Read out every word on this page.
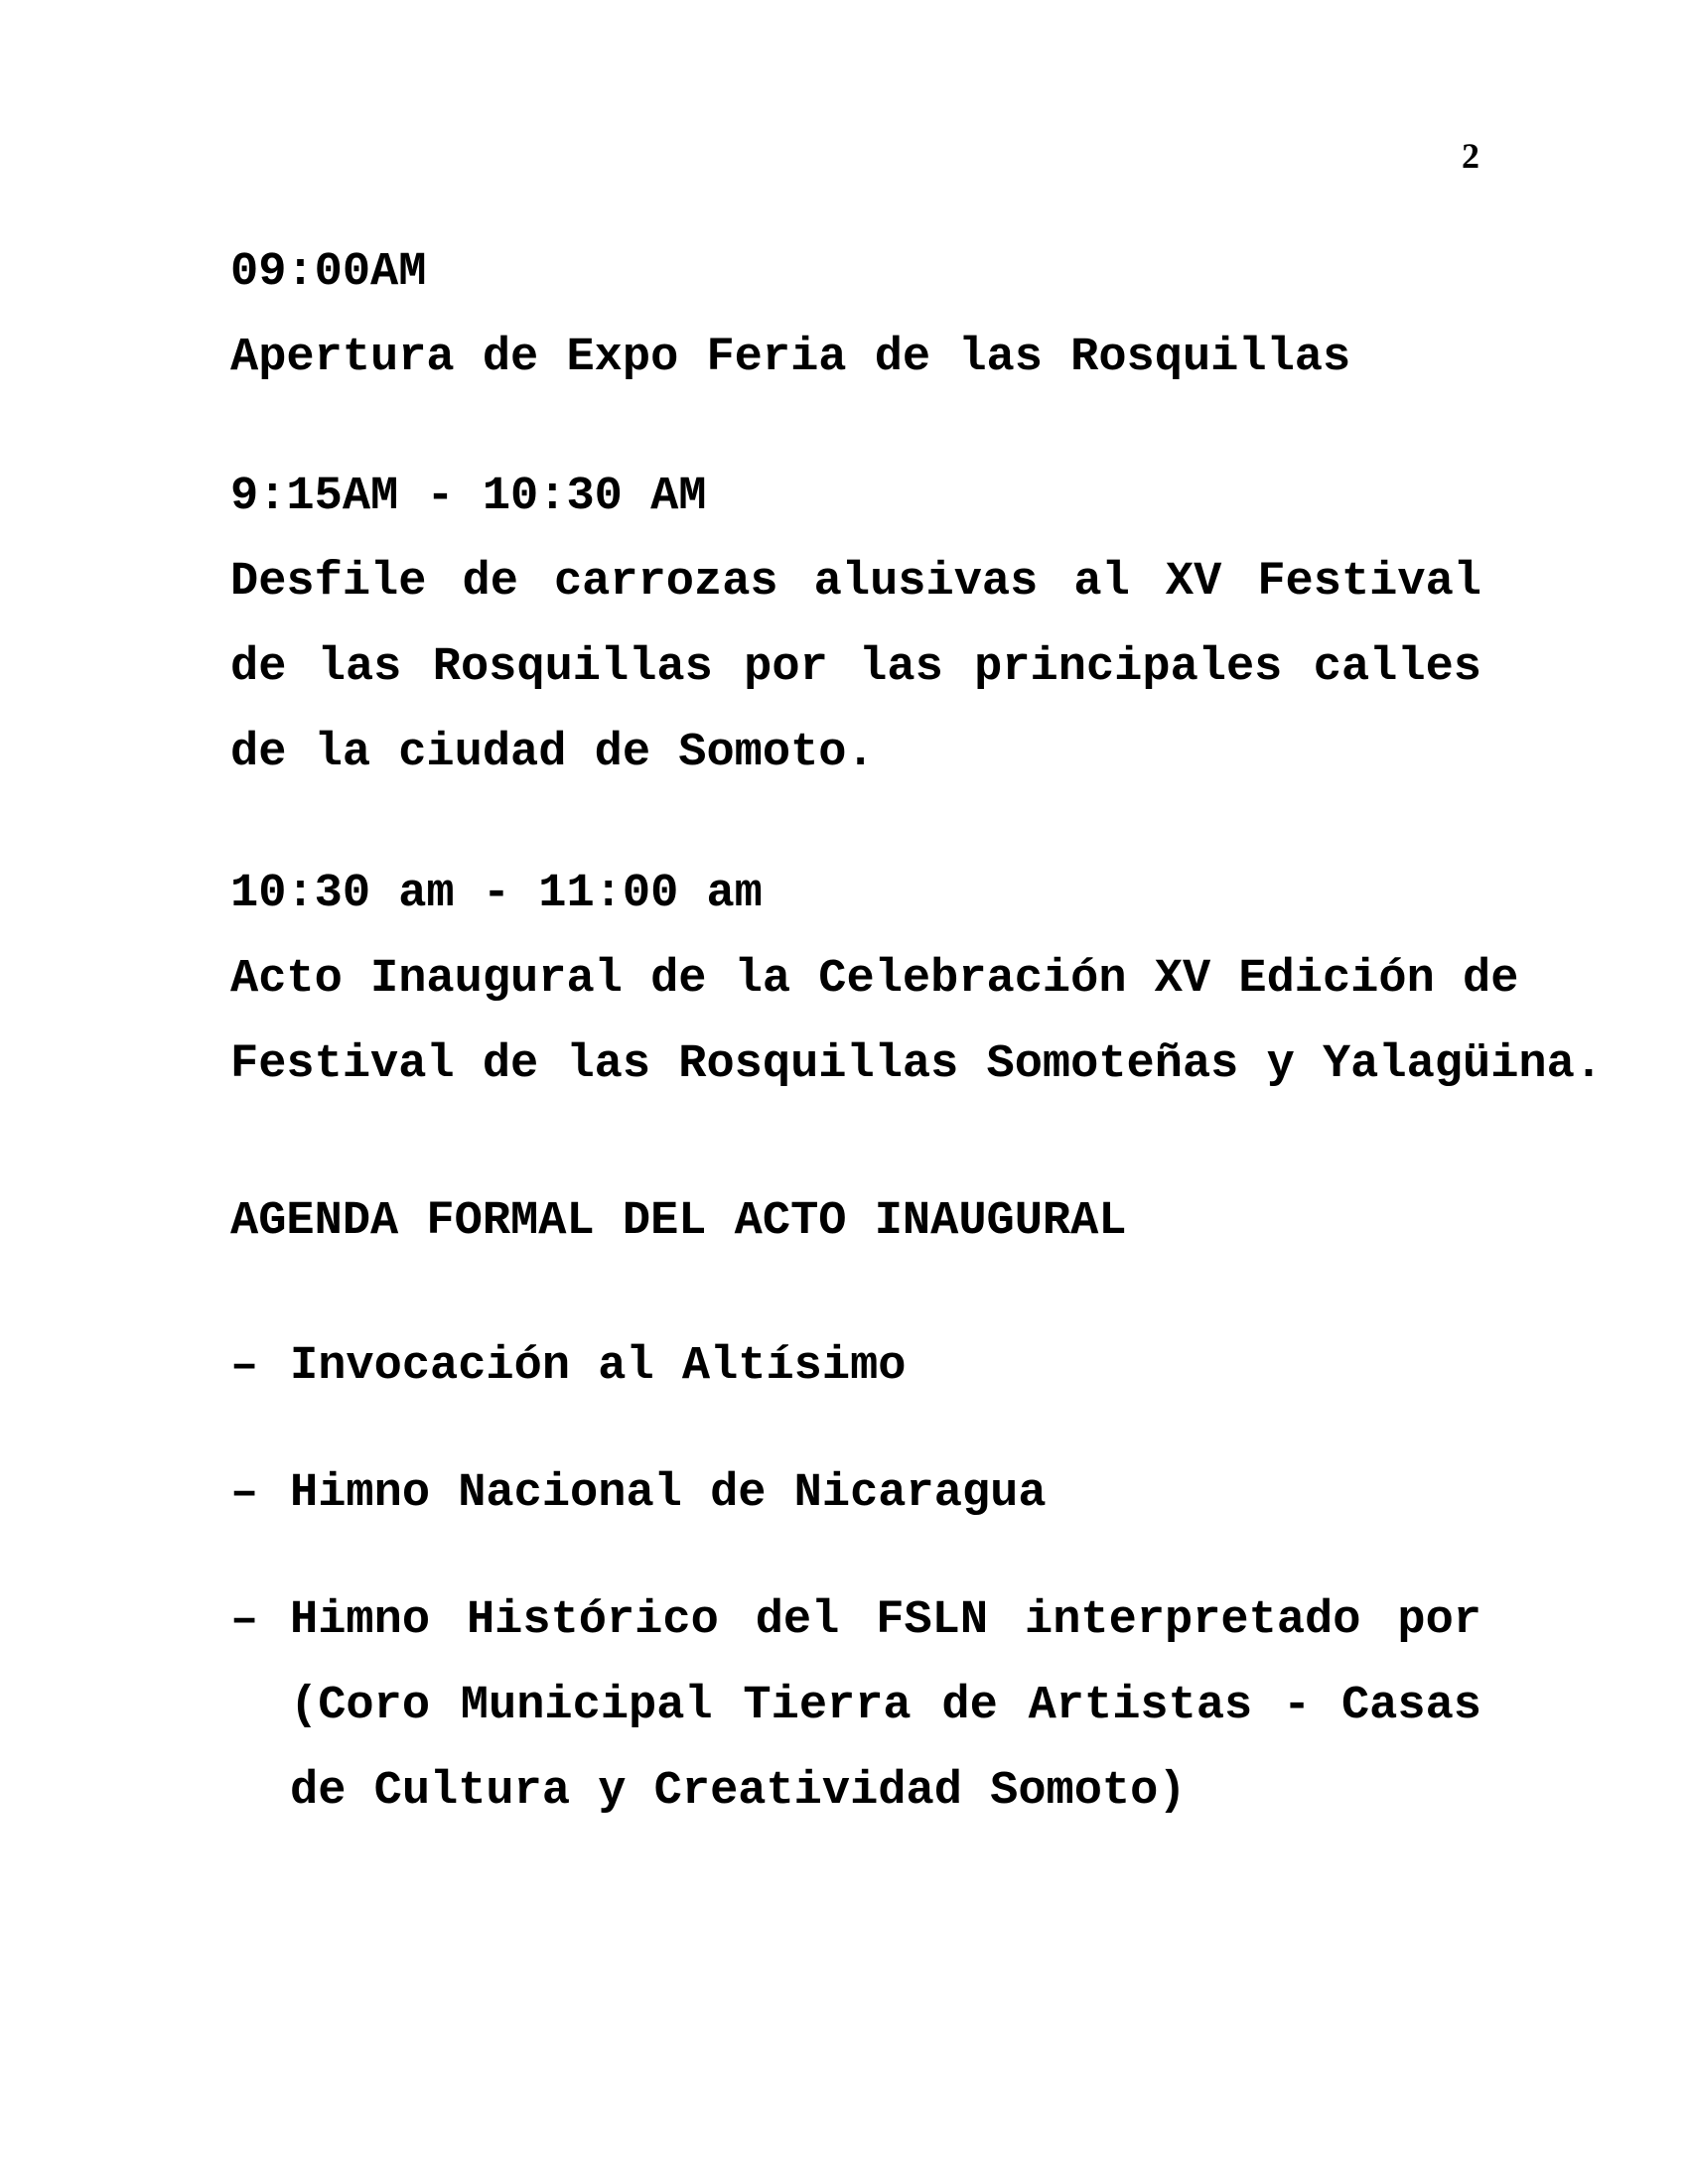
2
09:00AM
Apertura de Expo Feria de las Rosquillas
9:15AM - 10:30 AM
Desfile de carrozas alusivas al XV Festival
de las Rosquillas por las principales calles
de la ciudad de Somoto.
10:30 am - 11:00 am
Acto Inaugural de la Celebración XV Edición de
Festival de las Rosquillas Somoteñas y Yalagüina.
AGENDA FORMAL DEL ACTO INAUGURAL
– Invocación al Altísimo
– Himno Nacional de Nicaragua
– Himno Histórico del FSLN interpretado por
(Coro Municipal Tierra de Artistas - Casas
de Cultura y Creatividad Somoto)
